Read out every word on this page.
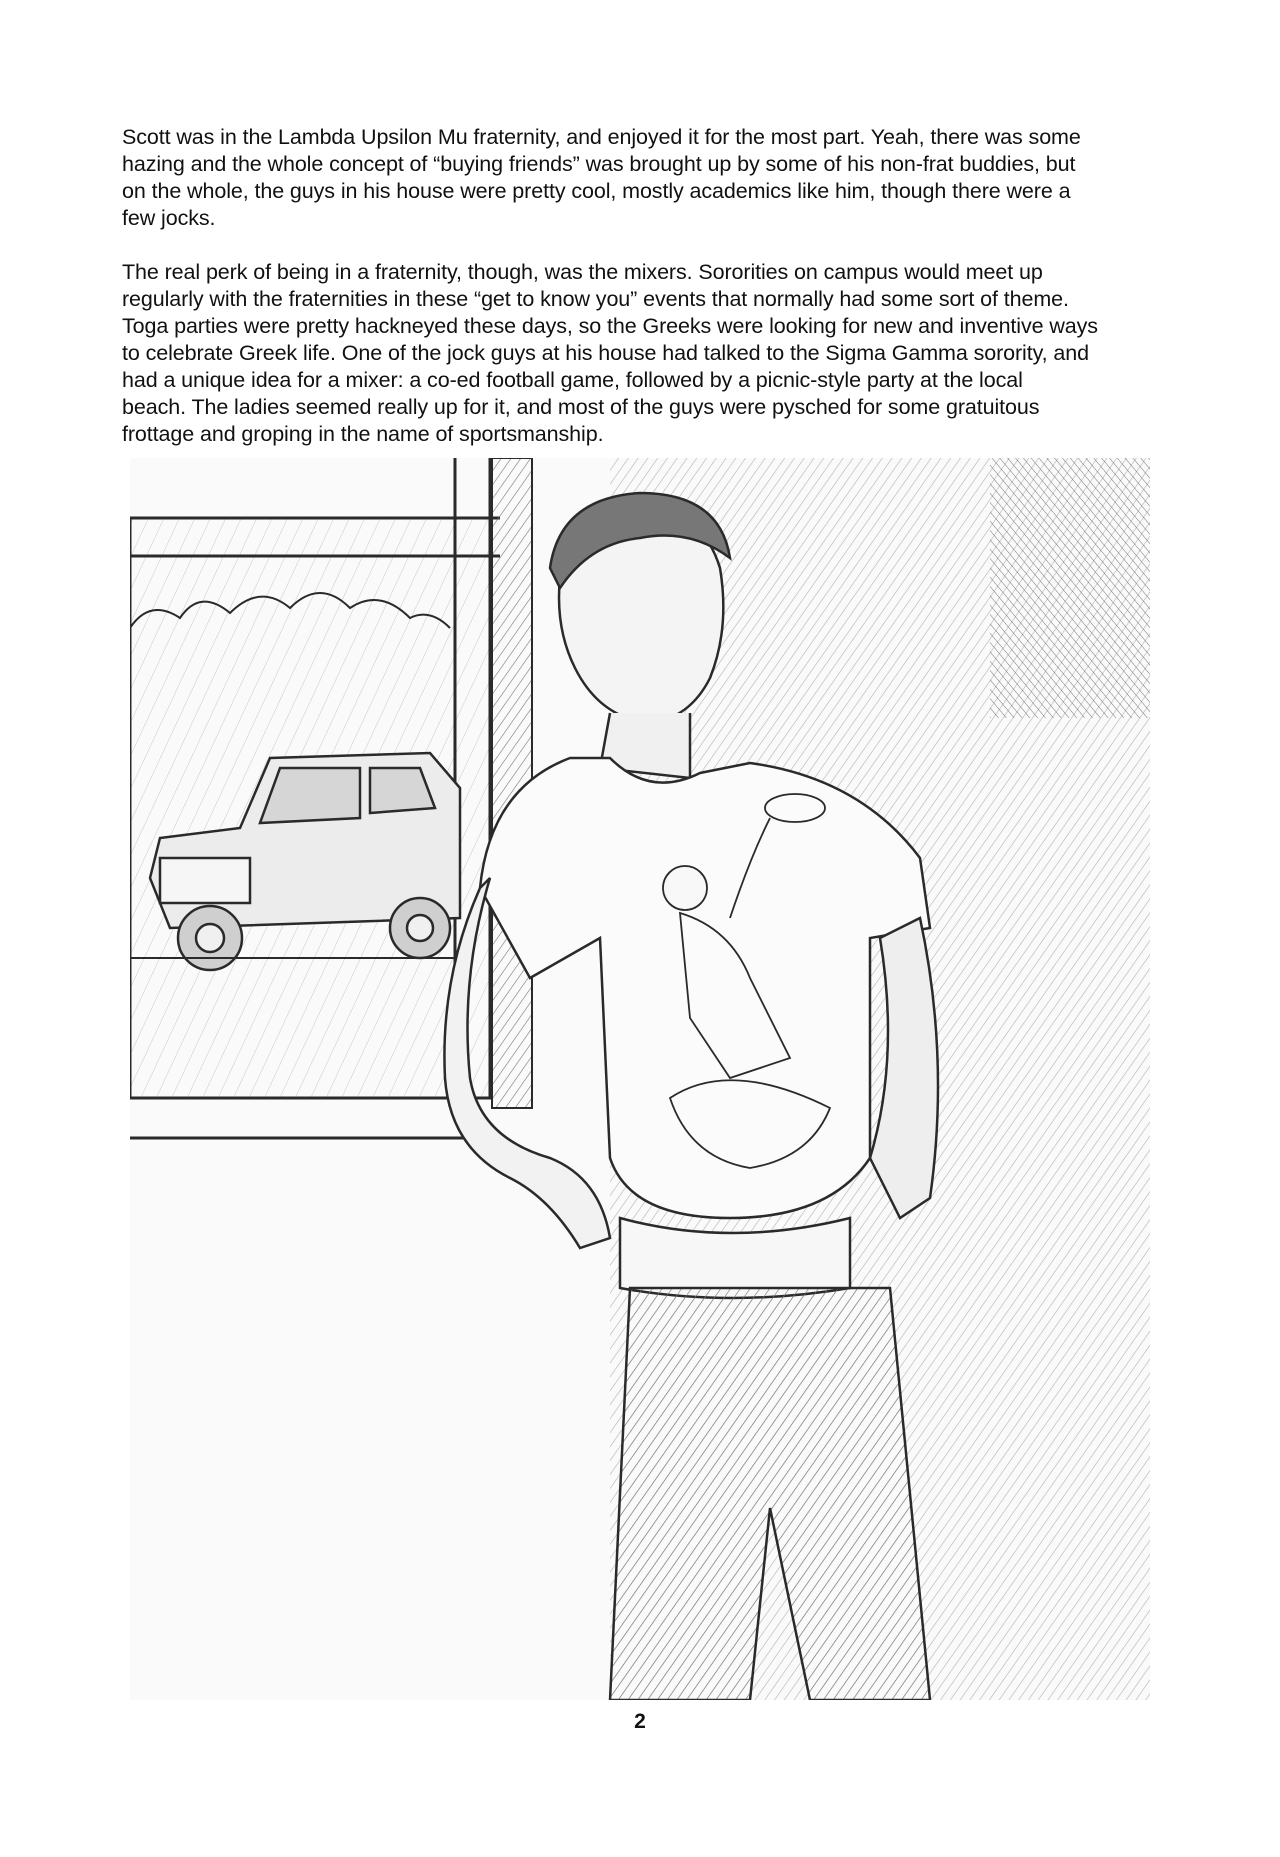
Scott was in the Lambda Upsilon Mu fraternity, and enjoyed it for the most part. Yeah, there was some
hazing and the whole concept of “buying friends” was brought up by some of his non-frat buddies, but
on the whole, the guys in his house were pretty cool, mostly academics like him, though there were a
few jocks.

The real perk of being in a fraternity, though, was the mixers. Sororities on campus would meet up
regularly with the fraternities in these “get to know you” events that normally had some sort of theme.
Toga parties were pretty hackneyed these days, so the Greeks were looking for new and inventive ways
to celebrate Greek life. One of the jock guys at his house had talked to the Sigma Gamma sorority, and
had a unique idea for a mixer: a co-ed football game, followed by a picnic-style party at the local
beach. The ladies seemed really up for it, and most of the guys were pysched for some gratuitous
frottage and groping in the name of sportsmanship.

2
